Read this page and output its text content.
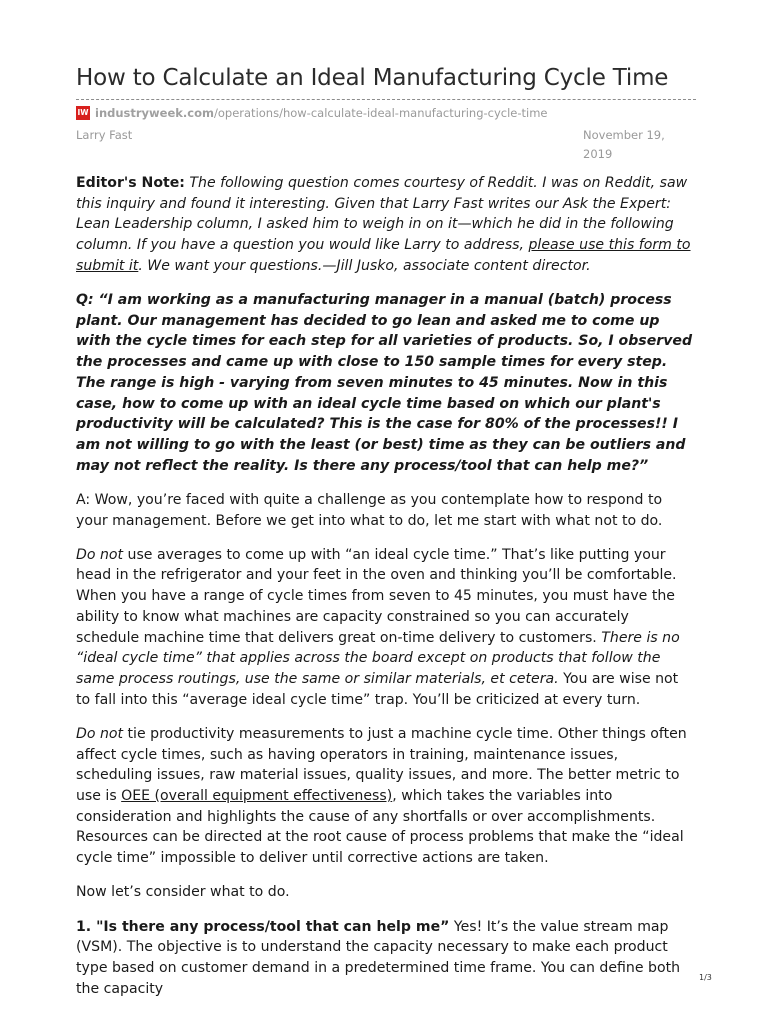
How to Calculate an Ideal Manufacturing Cycle Time
IW industryweek.com/operations/how-calculate-ideal-manufacturing-cycle-time
Larry Fast	November 19,
2019

Editor's Note: The following question comes courtesy of Reddit. I was on Reddit, saw this inquiry and found it interesting. Given that Larry Fast writes our Ask the Expert: Lean Leadership column, I asked him to weigh in on it—which he did in the following column. If you have a question you would like Larry to address, please use this form to submit it. We want your questions.—Jill Jusko, associate content director.

Q: “I am working as a manufacturing manager in a manual (batch) process plant. Our management has decided to go lean and asked me to come up with the cycle times for each step for all varieties of products. So, I observed the processes and came up with close to 150 sample times for every step. The range is high - varying from seven minutes to 45 minutes. Now in this case, how to come up with an ideal cycle time based on which our plant's productivity will be calculated? This is the case for 80% of the processes!! I am not willing to go with the least (or best) time as they can be outliers and may not reflect the reality. Is there any process/tool that can help me?”

A: Wow, you’re faced with quite a challenge as you contemplate how to respond to your management. Before we get into what to do, let me start with what not to do.

Do not use averages to come up with “an ideal cycle time.” That’s like putting your head in the refrigerator and your feet in the oven and thinking you’ll be comfortable. When you have a range of cycle times from seven to 45 minutes, you must have the ability to know what machines are capacity constrained so you can accurately schedule machine time that delivers great on-time delivery to customers. There is no “ideal cycle time” that applies across the board except on products that follow the same process routings, use the same or similar materials, et cetera. You are wise not to fall into this “average ideal cycle time” trap. You’ll be criticized at every turn.

Do not tie productivity measurements to just a machine cycle time. Other things often affect cycle times, such as having operators in training, maintenance issues, scheduling issues, raw material issues, quality issues, and more. The better metric to use is OEE (overall equipment effectiveness), which takes the variables into consideration and highlights the cause of any shortfalls or over accomplishments. Resources can be directed at the root cause of process problems that make the “ideal cycle time” impossible to deliver until corrective actions are taken.

Now let’s consider what to do.

1. "Is there any process/tool that can help me” Yes! It’s the value stream map (VSM). The objective is to understand the capacity necessary to make each product type based on customer demand in a predetermined time frame. You can define both the capacity

1/3
